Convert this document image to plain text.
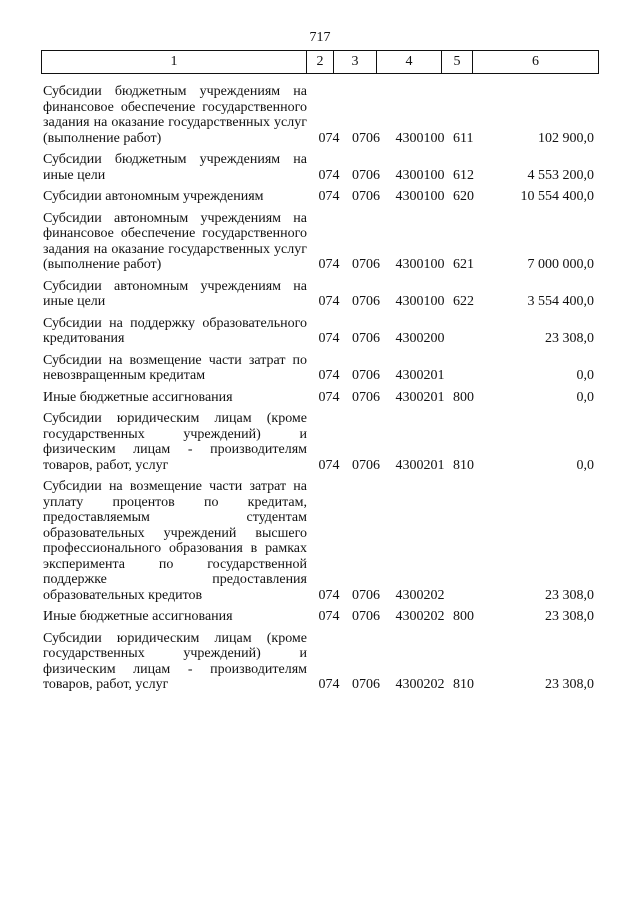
717
1	2	3	4	5	6
Субсидии бюджетным учреждениям на финансовое обеспечение государственного задания на оказание государственных услуг (выполнение работ)	074 0706	4300100 611	102 900,0
Субсидии бюджетным учреждениям на иные цели	074 0706	4300100 612	4 553 200,0
Субсидии автономным учреждениям	074 0706	4300100 620	10 554 400,0
Субсидии автономным учреждениям на финансовое обеспечение государственного задания на оказание государственных услуг (выполнение работ)	074 0706	4300100 621	7 000 000,0
Субсидии автономным учреждениям на иные цели	074 0706	4300100 622	3 554 400,0
Субсидии на поддержку образовательного кредитования	074 0706	4300200	23 308,0
Субсидии на возмещение части затрат по невозвращенным кредитам	074 0706	4300201	0,0
Иные бюджетные ассигнования	074 0706	4300201 800	0,0
Субсидии юридическим лицам (кроме государственных учреждений) и физическим лицам - производителям товаров, работ, услуг	074 0706	4300201 810	0,0
Субсидии на возмещение части затрат на уплату процентов по кредитам, предоставляемым студентам образовательных учреждений высшего профессионального образования в рамках эксперимента по государственной поддержке предоставления образовательных кредитов	074 0706	4300202	23 308,0
Иные бюджетные ассигнования	074 0706	4300202 800	23 308,0
Субсидии юридическим лицам (кроме государственных учреждений) и физическим лицам - производителям товаров, работ, услуг	074 0706	4300202 810	23 308,0
